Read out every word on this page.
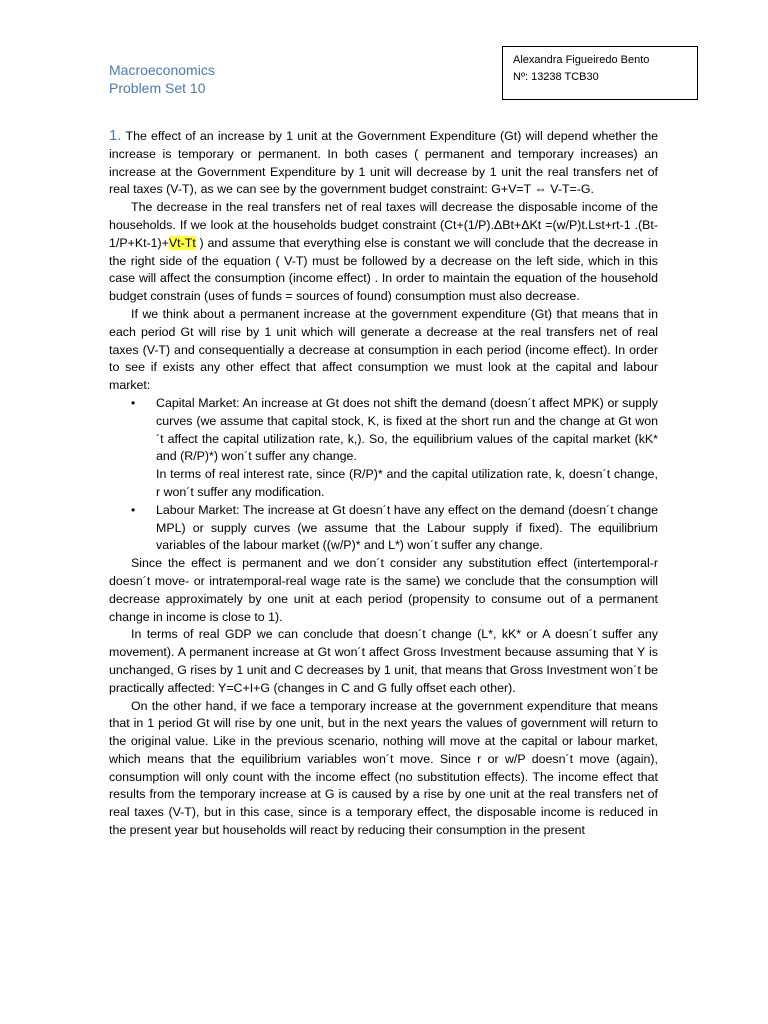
Macroeconomics
Problem Set 10
Alexandra Figueiredo Bento
Nº: 13238 TCB30

1. The effect of an increase by 1 unit at the Government Expenditure (Gt) will depend whether the increase is temporary or permanent. In both cases ( permanent and temporary increases) an increase at the Government Expenditure by 1 unit will decrease by 1 unit the real transfers net of real taxes (V-T), as we can see by the government budget constraint: G+V=T ⇔ V-T=-G.

The decrease in the real transfers net of real taxes will decrease the disposable income of the households. If we look at the households budget constraint (Ct+(1/P).ΔBt+ΔKt =(w/P)t.Lst+rt-1 .(Bt-1/P+Kt-1)+Vt-Tt ) and assume that everything else is constant we will conclude that the decrease in the right side of the equation ( V-T) must be followed by a decrease on the left side, which in this case will affect the consumption (income effect) . In order to maintain the equation of the household budget constrain (uses of funds = sources of found) consumption must also decrease.

If we think about a permanent increase at the government expenditure (Gt) that means that in each period Gt will rise by 1 unit which will generate a decrease at the real transfers net of real taxes (V-T) and consequentially a decrease at consumption in each period (income effect). In order to see if exists any other effect that affect consumption we must look at the capital and labour market:

• Capital Market: An increase at Gt does not shift the demand (doesn´t affect MPK) or supply curves (we assume that capital stock, K, is fixed at the short run and the change at Gt won´t affect the capital utilization rate, k,). So, the equilibrium values of the capital market (kK* and (R/P)*) won´t suffer any change.
In terms of real interest rate, since (R/P)* and the capital utilization rate, k, doesn´t change, r won´t suffer any modification.
• Labour Market: The increase at Gt doesn´t have any effect on the demand (doesn´t change MPL) or supply curves (we assume that the Labour supply if fixed). The equilibrium variables of the labour market ((w/P)* and L*) won´t suffer any change.

Since the effect is permanent and we don´t consider any substitution effect (intertemporal-r doesn´t move- or intratemporal-real wage rate is the same) we conclude that the consumption will decrease approximately by one unit at each period (propensity to consume out of a permanent change in income is close to 1).

In terms of real GDP we can conclude that doesn´t change (L*, kK* or A doesn´t suffer any movement). A permanent increase at Gt won´t affect Gross Investment because assuming that Y is unchanged, G rises by 1 unit and C decreases by 1 unit, that means that Gross Investment won´t be practically affected: Y=C+I+G (changes in C and G fully offset each other).

On the other hand, if we face a temporary increase at the government expenditure that means that in 1 period Gt will rise by one unit, but in the next years the values of government will return to the original value. Like in the previous scenario, nothing will move at the capital or labour market, which means that the equilibrium variables won´t move. Since r or w/P doesn´t move (again), consumption will only count with the income effect (no substitution effects). The income effect that results from the temporary increase at G is caused by a rise by one unit at the real transfers net of real taxes (V-T), but in this case, since is a temporary effect, the disposable income is reduced in the present year but households will react by reducing their consumption in the present
